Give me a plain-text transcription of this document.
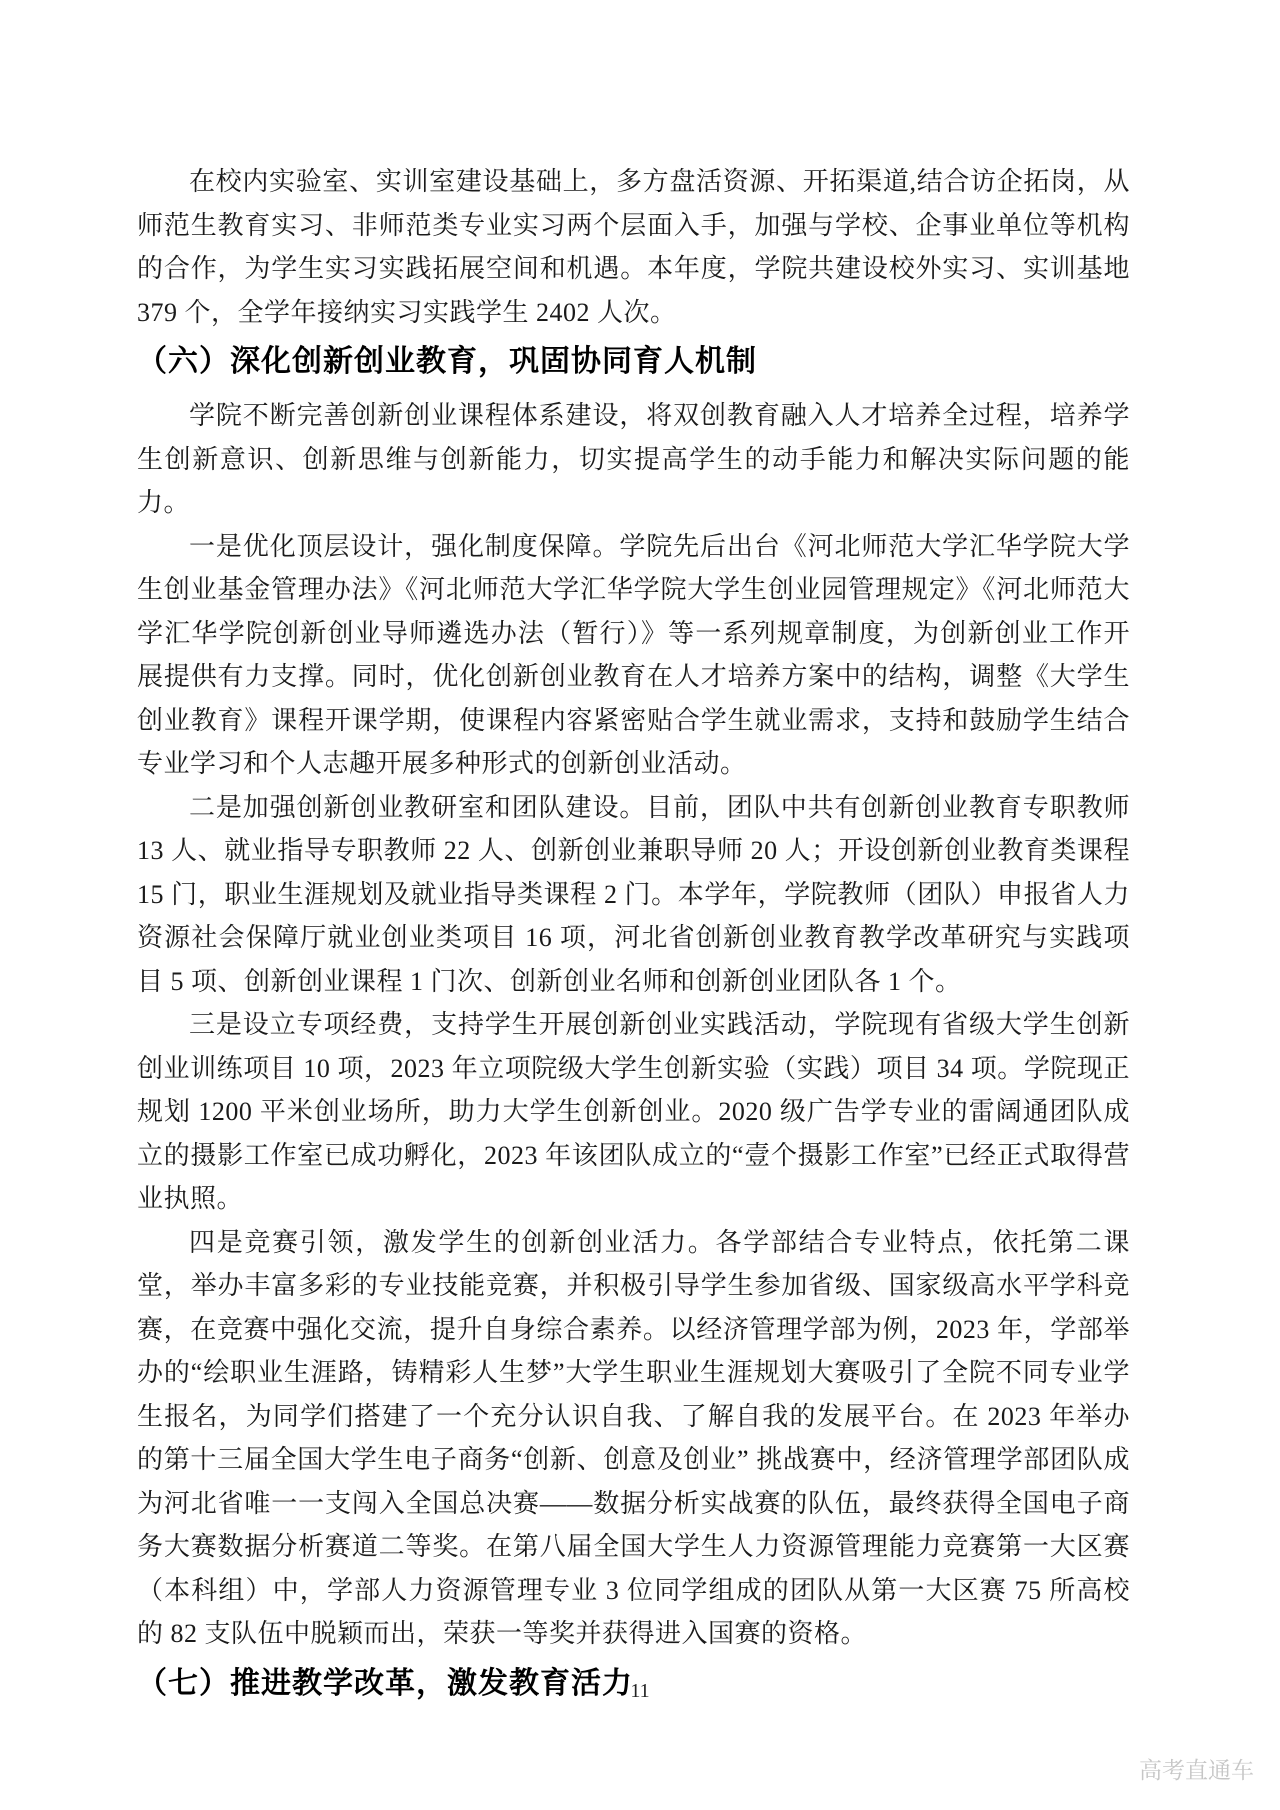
在校内实验室、实训室建设基础上，多方盘活资源、开拓渠道,结合访企拓岗，从师范生教育实习、非师范类专业实习两个层面入手，加强与学校、企事业单位等机构的合作，为学生实习实践拓展空间和机遇。本年度，学院共建设校外实习、实训基地 379 个，全学年接纳实习实践学生 2402 人次。

（六）深化创新创业教育，巩固协同育人机制

学院不断完善创新创业课程体系建设，将双创教育融入人才培养全过程，培养学生创新意识、创新思维与创新能力，切实提高学生的动手能力和解决实际问题的能力。

一是优化顶层设计，强化制度保障。学院先后出台《河北师范大学汇华学院大学生创业基金管理办法》《河北师范大学汇华学院大学生创业园管理规定》《河北师范大学汇华学院创新创业导师遴选办法（暂行）》等一系列规章制度，为创新创业工作开展提供有力支撑。同时，优化创新创业教育在人才培养方案中的结构，调整《大学生创业教育》课程开课学期，使课程内容紧密贴合学生就业需求，支持和鼓励学生结合专业学习和个人志趣开展多种形式的创新创业活动。

二是加强创新创业教研室和团队建设。目前，团队中共有创新创业教育专职教师 13 人、就业指导专职教师 22 人、创新创业兼职导师 20 人；开设创新创业教育类课程 15 门，职业生涯规划及就业指导类课程 2 门。本学年，学院教师（团队）申报省人力资源社会保障厅就业创业类项目 16 项，河北省创新创业教育教学改革研究与实践项目 5 项、创新创业课程 1 门次、创新创业名师和创新创业团队各 1 个。

三是设立专项经费，支持学生开展创新创业实践活动，学院现有省级大学生创新创业训练项目 10 项，2023 年立项院级大学生创新实验（实践）项目 34 项。学院现正规划 1200 平米创业场所，助力大学生创新创业。2020 级广告学专业的雷阔通团队成立的摄影工作室已成功孵化，2023 年该团队成立的“壹个摄影工作室”已经正式取得营业执照。

四是竞赛引领，激发学生的创新创业活力。各学部结合专业特点，依托第二课堂，举办丰富多彩的专业技能竞赛，并积极引导学生参加省级、国家级高水平学科竞赛，在竞赛中强化交流，提升自身综合素养。以经济管理学部为例，2023 年，学部举办的“绘职业生涯路，铸精彩人生梦”大学生职业生涯规划大赛吸引了全院不同专业学生报名，为同学们搭建了一个充分认识自我、了解自我的发展平台。在 2023 年举办的第十三届全国大学生电子商务“创新、创意及创业” 挑战赛中，经济管理学部团队成为河北省唯一一支闯入全国总决赛——数据分析实战赛的队伍，最终获得全国电子商务大赛数据分析赛道二等奖。在第八届全国大学生人力资源管理能力竞赛第一大区赛（本科组）中，学部人力资源管理专业 3 位同学组成的团队从第一大区赛 75 所高校的 82 支队伍中脱颖而出，荣获一等奖并获得进入国赛的资格。

（七）推进教学改革，激发教育活力
11
高考直通车
